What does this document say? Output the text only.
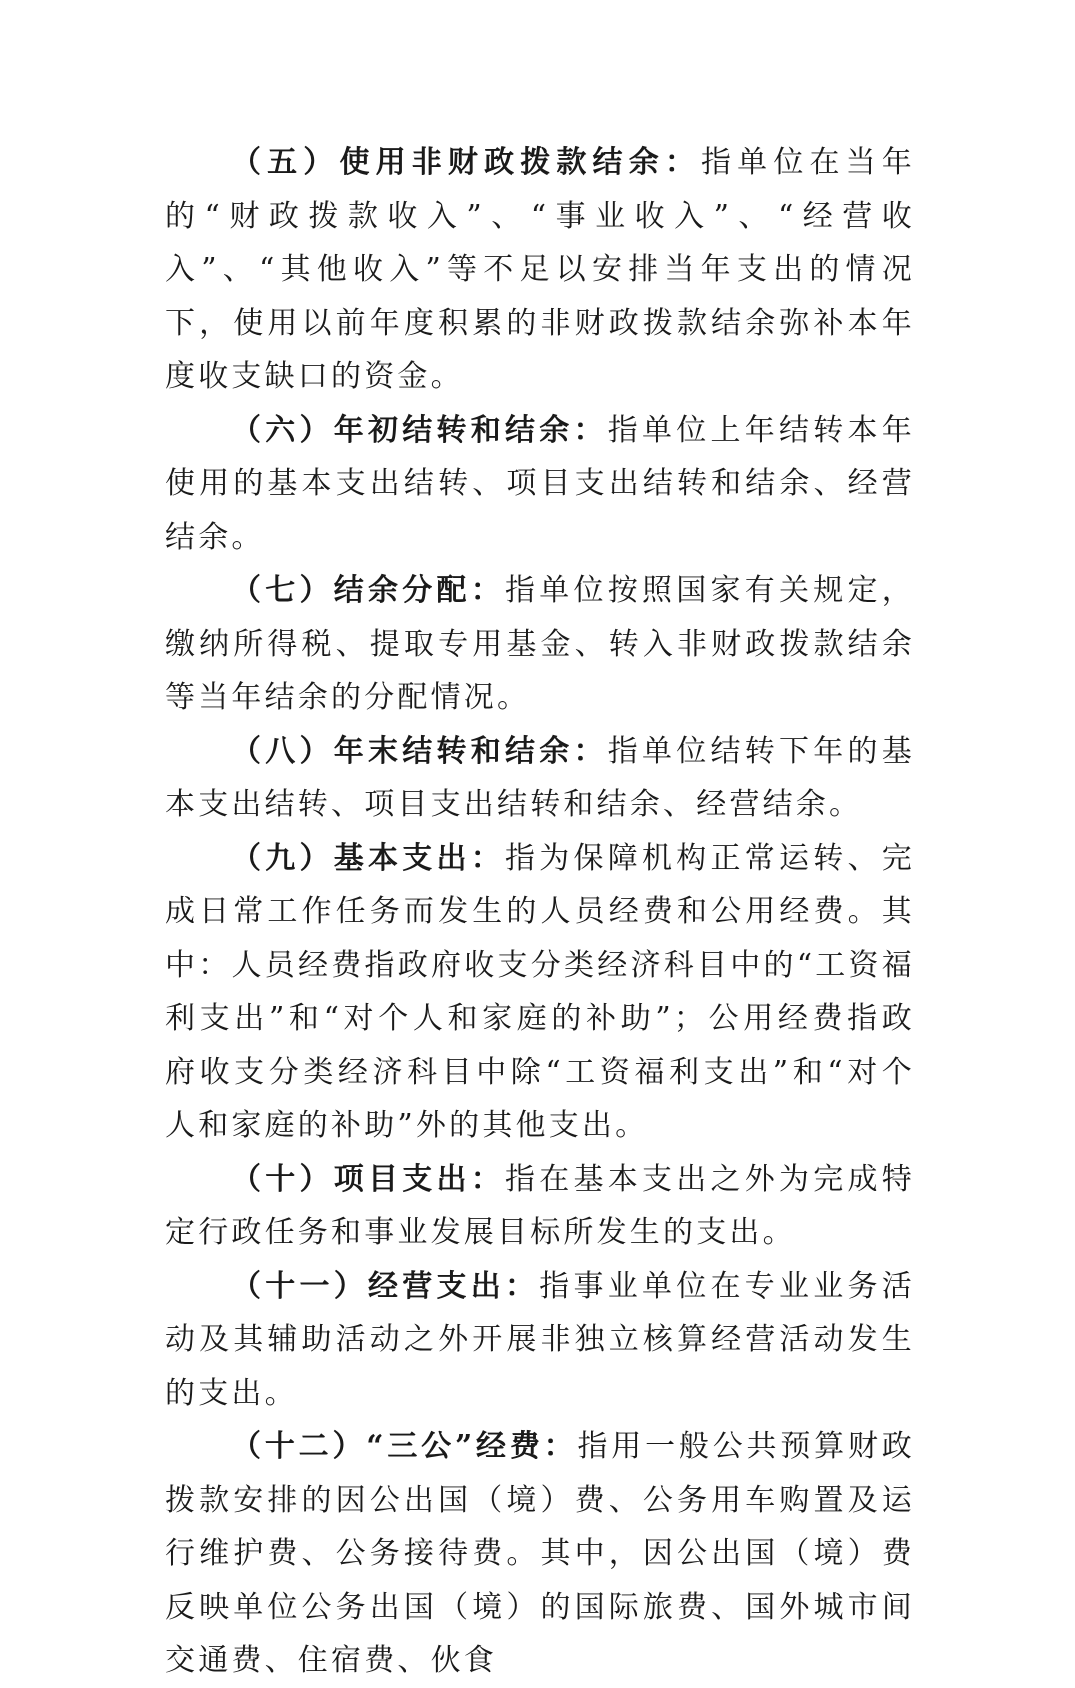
（五）使用非财政拨款结余：指单位在当年的“财政拨款收入”、“事业收入”、“经营收入”、“其他收入”等不足以安排当年支出的情况下，使用以前年度积累的非财政拨款结余弥补本年度收支缺口的资金。

（六）年初结转和结余：指单位上年结转本年使用的基本支出结转、项目支出结转和结余、经营结余。

（七）结余分配：指单位按照国家有关规定，缴纳所得税、提取专用基金、转入非财政拨款结余等当年结余的分配情况。

（八）年末结转和结余：指单位结转下年的基本支出结转、项目支出结转和结余、经营结余。

（九）基本支出：指为保障机构正常运转、完成日常工作任务而发生的人员经费和公用经费。其中：人员经费指政府收支分类经济科目中的“工资福利支出”和“对个人和家庭的补助”；公用经费指政府收支分类经济科目中除“工资福利支出”和“对个人和家庭的补助”外的其他支出。

（十）项目支出：指在基本支出之外为完成特定行政任务和事业发展目标所发生的支出。

（十一）经营支出：指事业单位在专业业务活动及其辅助活动之外开展非独立核算经营活动发生的支出。

（十二）“三公”经费：指用一般公共预算财政拨款安排的因公出国（境）费、公务用车购置及运行维护费、公务接待费。其中，因公出国（境）费反映单位公务出国（境）的国际旅费、国外城市间交通费、住宿费、伙食
